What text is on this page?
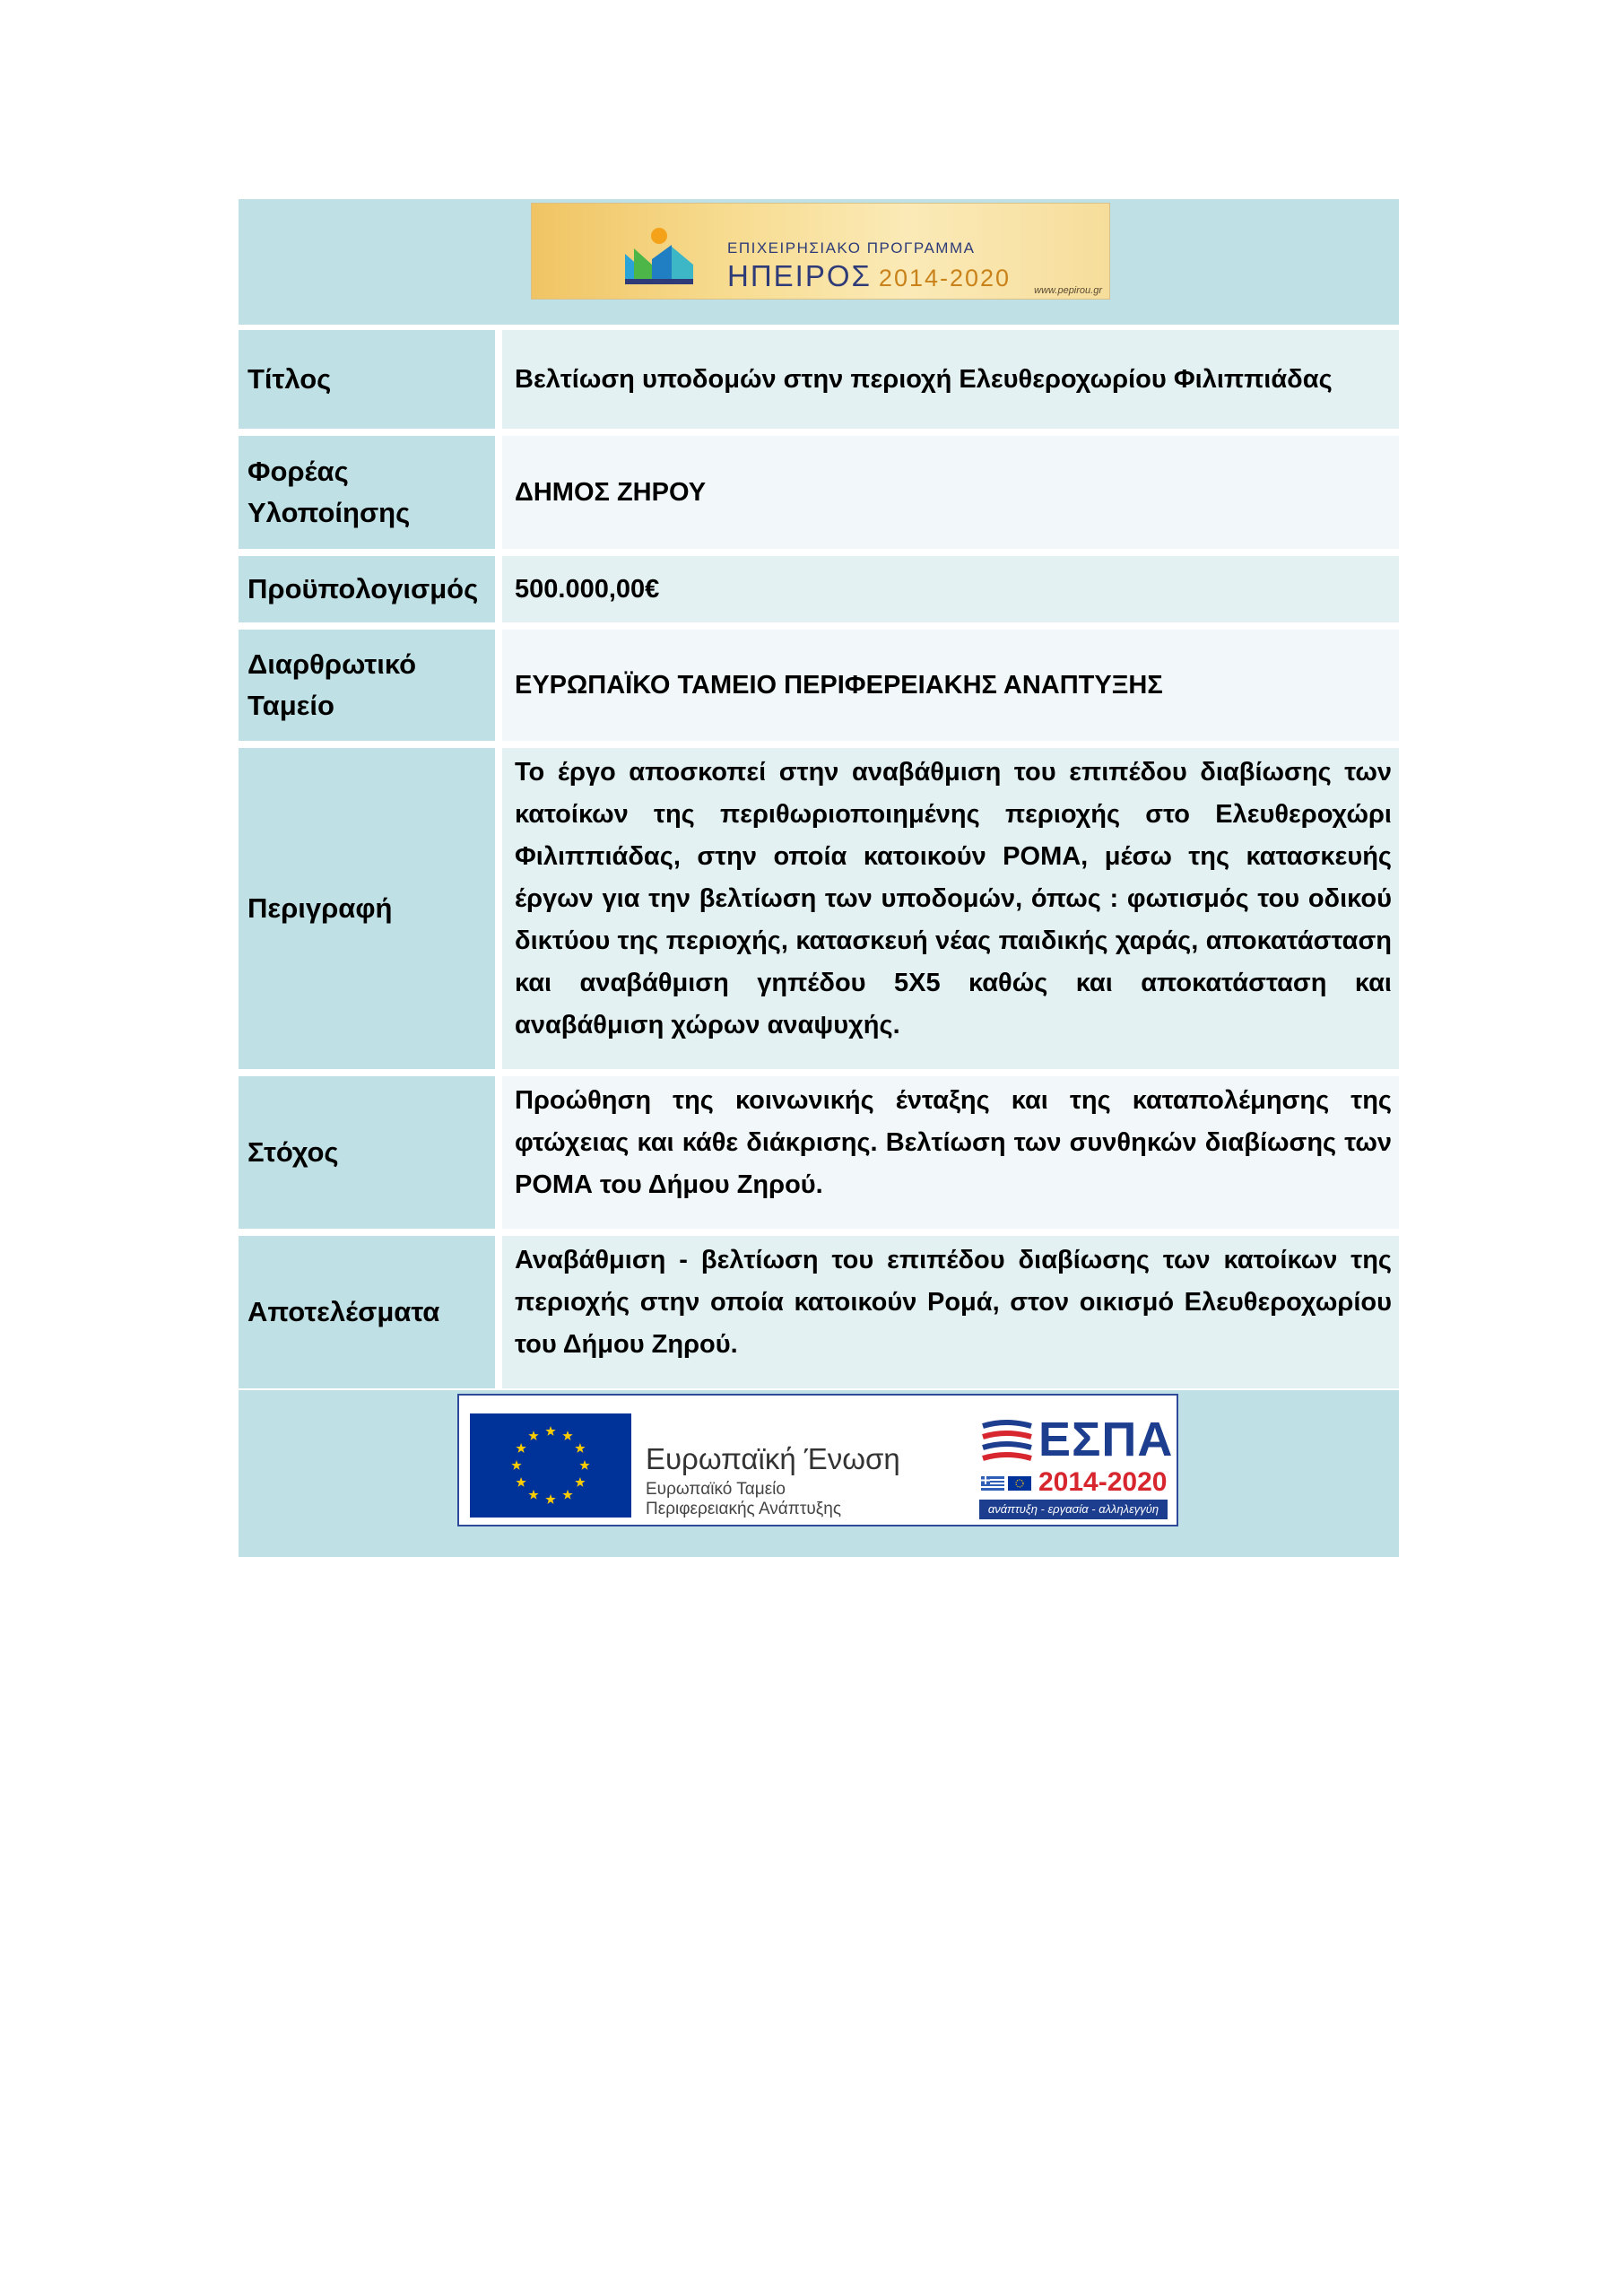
ΕΠΙΧΕΙΡΗΣΙΑΚΟ ΠΡΟΓΡΑΜΜΑ
ΗΠΕΙΡΟΣ 2014-2020 www.pepirou.gr
Τίτλος	Βελτίωση υποδομών στην περιοχή Ελευθεροχωρίου Φιλιππιάδας
Φορέας Υλοποίησης
ΔΗΜΟΣ ΖΗΡΟΥ
Προϋπολογισμός	500.000,00€
Διαρθρωτικό Ταμείο
ΕΥΡΩΠΑΪΚΟ ΤΑΜΕΙΟ ΠΕΡΙΦΕΡΕΙΑΚΗΣ ΑΝΑΠΤΥΞΗΣ
Περιγραφή
Το έργο αποσκοπεί στην αναβάθμιση του επιπέδου διαβίωσης των κατοίκων της περιθωριοποιημένης περιοχής στο Ελευθεροχώρι Φιλιππιάδας, στην οποία κατοικούν ΡΟΜΑ, μέσω της κατασκευής έργων για την βελτίωση των υποδομών, όπως : φωτισμός του οδικού δικτύου της περιοχής, κατασκευή νέας παιδικής χαράς, αποκατάσταση και αναβάθμιση γηπέδου 5Χ5 καθώς και αποκατάσταση και αναβάθμιση χώρων αναψυχής.
Στόχος
Προώθηση της κοινωνικής ένταξης και της καταπολέμησης της φτώχειας και κάθε διάκρισης. Βελτίωση των συνθηκών διαβίωσης των ΡΟΜΑ του Δήμου Ζηρού.
Αποτελέσματα
Αναβάθμιση - βελτίωση του επιπέδου διαβίωσης των κατοίκων της περιοχής στην οποία κατοικούν Ρομά, στον οικισμό Ελευθεροχωρίου του Δήμου Ζηρού.
Ευρωπαϊκή Ένωση
Ευρωπαϊκό Ταμείο
Περιφερειακής Ανάπτυξης
ΕΣΠΑ
2014-2020
ανάπτυξη - εργασία - αλληλεγγύη
